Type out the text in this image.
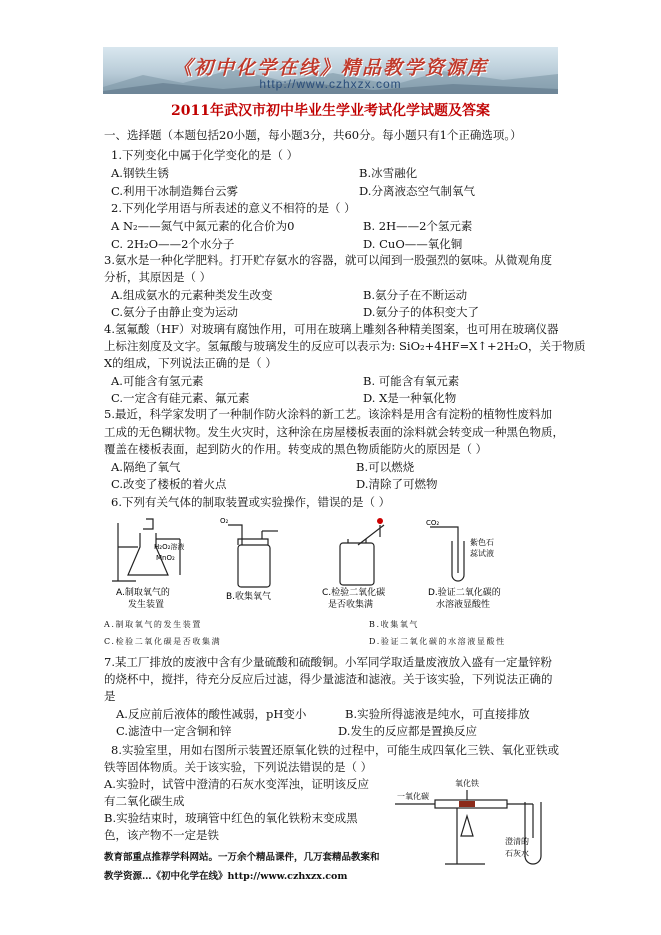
《初中化学在线》精品教学资源库
http://www.czhxzx.com
2011年武汉市初中毕业生学业考试化学试题及答案
一、选择题（本题包括20小题，每小题3分，共60分。每小题只有1个正确选项。）
1.下列变化中属于化学变化的是（ ）
A.钢铁生锈	B.冰雪融化
C.利用干冰制造舞台云雾	D.分离液态空气制氧气
2.下列化学用语与所表述的意义不相符的是（ ）
A N₂——氮气中氮元素的化合价为0	B. 2H——2个氢元素
C. 2H₂O——2个水分子	D. CuO——氧化铜
3.氨水是一种化学肥料。打开贮存氨水的容器，就可以闻到一股强烈的氨味。从微观角度
分析，其原因是（ ）
A.组成氨水的元素种类发生改变	B.氨分子在不断运动
C.氨分子由静止变为运动	D.氨分子的体积变大了
4.氢氟酸（HF）对玻璃有腐蚀作用，可用在玻璃上雕刻各种精美图案，也可用在玻璃仪器
上标注刻度及文字。氢氟酸与玻璃发生的反应可以表示为: SiO₂+4HF=X↑+2H₂O，关于物质
X的组成，下列说法正确的是（ ）
A.可能含有氢元素	B. 可能含有氧元素
C.一定含有硅元素、氟元素	D. X是一种氧化物
5.最近，科学家发明了一种制作防火涂料的新工艺。该涂料是用含有淀粉的植物性废料加
工成的无色糊状物。发生火灾时，这种涂在房屋楼板表面的涂料就会转变成一种黑色物质，
覆盖在楼板表面，起到防火的作用。转变成的黑色物质能防火的原因是（ ）
A.隔绝了氧气	B.可以燃烧
C.改变了楼板的着火点	D.清除了可燃物
6.下列有关气体的制取装置或实验操作，错误的是（ ）
H₂O₂溶液
MnO₂
A.制取氧气的
发生装置
O₂
B.收集氧气	C.检验二氧化碳
是否收集满
CO₂
紫色石
蕊试液
D.验证二氧化碳的
水溶液显酸性
A.制取氧气的发生装置	B.收集氧气
C.检验二氧化碳是否收集满	D.验证二氧化碳的水溶液显酸性
7.某工厂排放的废液中含有少量硫酸和硫酸铜。小军同学取适量废液放入盛有一定量锌粉
的烧杯中，搅拌，待充分反应后过滤，得少量滤渣和滤液。关于该实验，下列说法正确的
是
A.反应前后液体的酸性减弱，pH变小	B.实验所得滤液是纯水，可直接排放
C.滤渣中一定含铜和锌	D.发生的反应都是置换反应
8.实验室里，用如右图所示装置还原氧化铁的过程中，可能生成四氧化三铁、氧化亚铁或
铁等固体物质。关于该实验，下列说法错误的是（ ）
A.实验时，试管中澄清的石灰水变浑浊，证明该反应
有二氧化碳生成
B.实验结束时，玻璃管中红色的氧化铁粉末变成黑
色，该产物不一定是铁
氧化铁
一氧化碳
澄清的
石灰水
教育部重点推荐学科网站。一万余个精品课件，几万套精品教案和
教学资源…《初中化学在线》http://www.czhxzx.com
